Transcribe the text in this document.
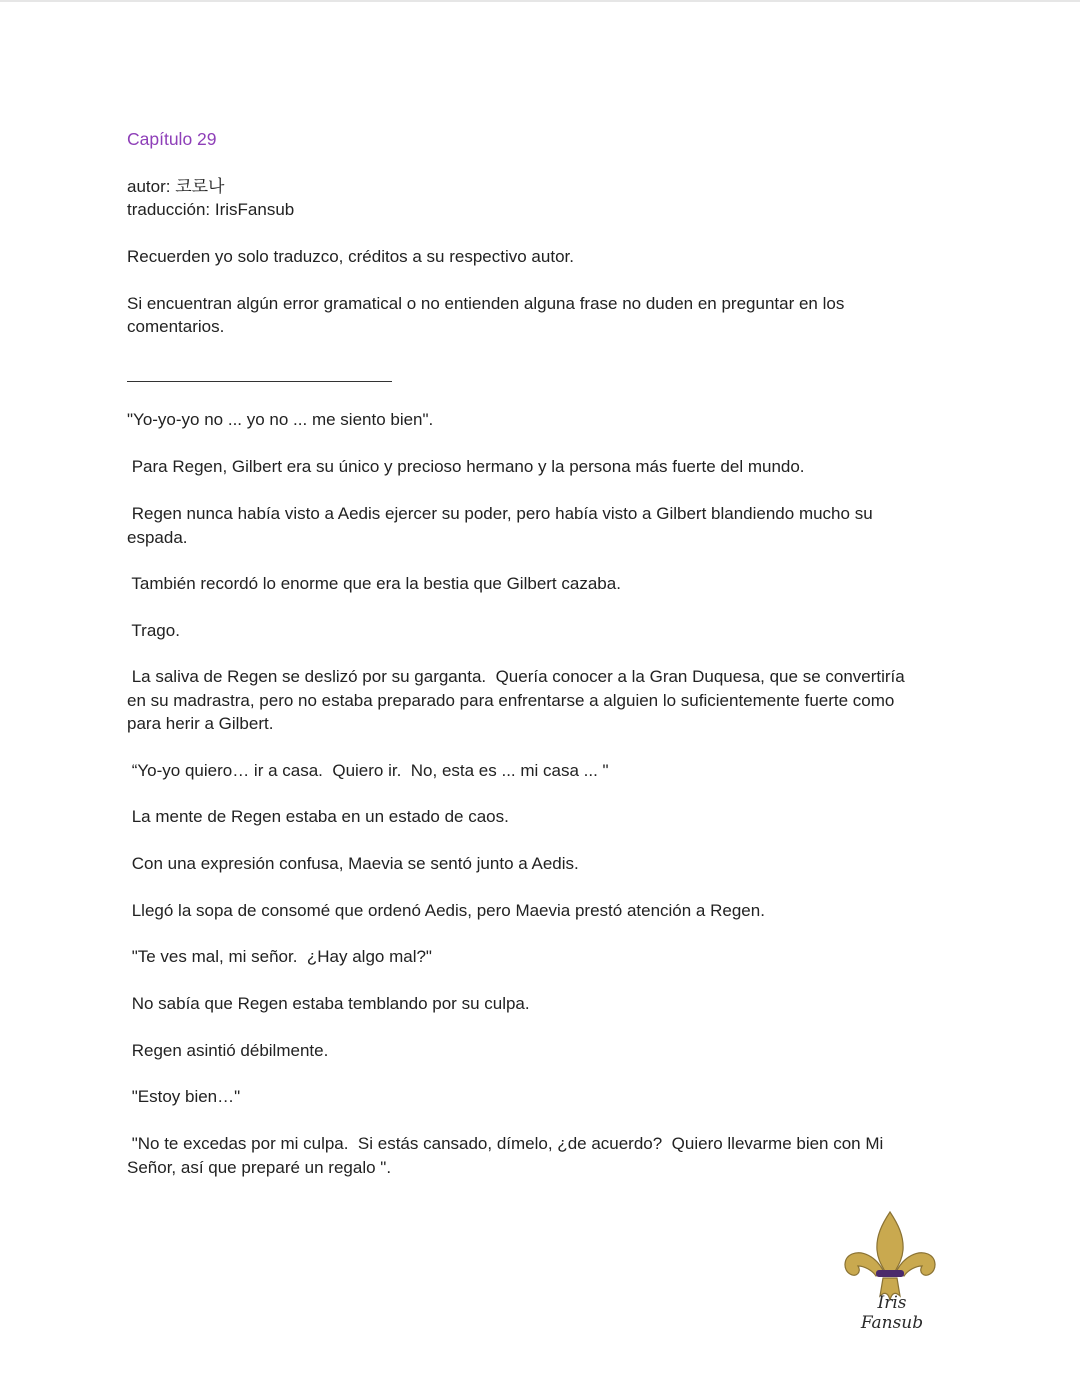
Capítulo 29
autor: 코로나
traducción: IrisFansub
Recuerden yo solo traduzco, créditos a su respectivo autor.
Si encuentran algún error gramatical o no entienden alguna frase no duden en preguntar en los
comentarios.
"Yo-yo-yo no ... yo no ... me siento bien".
Para Regen, Gilbert era su único y precioso hermano y la persona más fuerte del mundo.
Regen nunca había visto a Aedis ejercer su poder, pero había visto a Gilbert blandiendo mucho su
espada.
También recordó lo enorme que era la bestia que Gilbert cazaba.
Trago.
La saliva de Regen se deslizó por su garganta.  Quería conocer a la Gran Duquesa, que se convertiría
en su madrastra, pero no estaba preparado para enfrentarse a alguien lo suficientemente fuerte como
para herir a Gilbert.
“Yo-yo quiero… ir a casa.  Quiero ir.  No, esta es ... mi casa ... "
La mente de Regen estaba en un estado de caos.
Con una expresión confusa, Maevia se sentó junto a Aedis.
Llegó la sopa de consomé que ordenó Aedis, pero Maevia prestó atención a Regen.
"Te ves mal, mi señor.  ¿Hay algo mal?"
No sabía que Regen estaba temblando por su culpa.
Regen asintió débilmente.
"Estoy bien…"
"No te excedas por mi culpa.  Si estás cansado, dímelo, ¿de acuerdo?  Quiero llevarme bien con Mi
Señor, así que preparé un regalo ".
Iris Fansub
